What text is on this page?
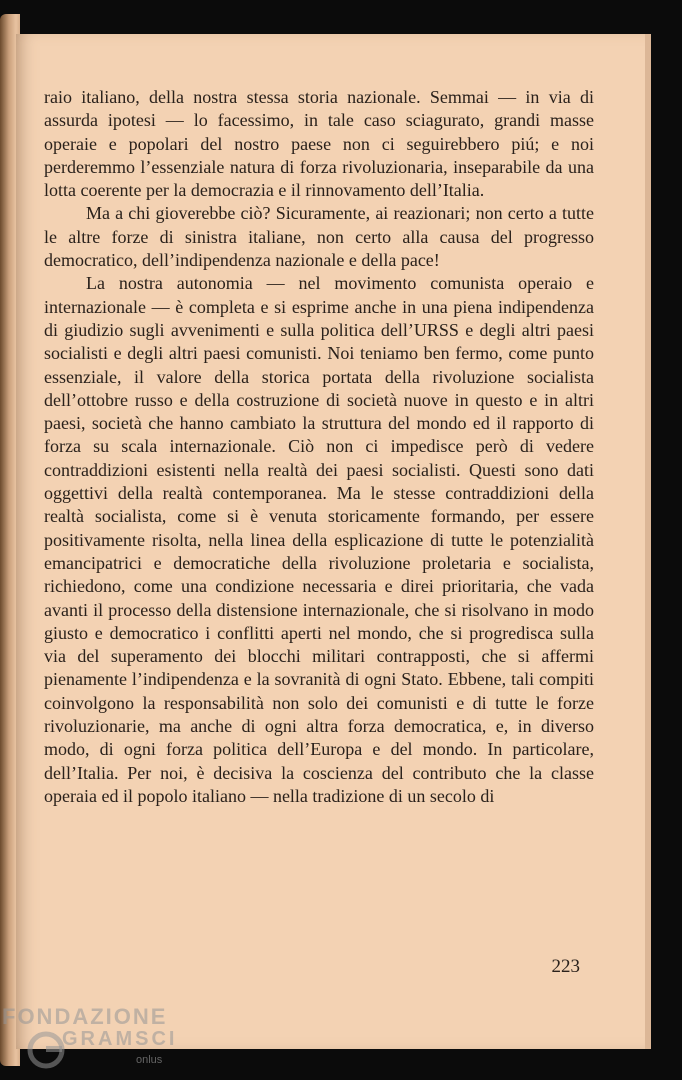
raio italiano, della nostra stessa storia nazionale. Semmai — in via di assurda ipotesi — lo facessimo, in tale caso sciagurato, grandi masse operaie e popolari del nostro paese non ci seguirebbero piú; e noi perderemmo l’essenziale natura di forza rivoluzionaria, inseparabile da una lotta coerente per la democrazia e il rinnovamento dell’Italia.

Ma a chi gioverebbe ciò? Sicuramente, ai reazionari; non certo a tutte le altre forze di sinistra italiane, non certo alla causa del progresso democratico, dell’indipendenza nazionale e della pace!

La nostra autonomia — nel movimento comunista operaio e internazionale — è completa e si esprime anche in una piena indipendenza di giudizio sugli avvenimenti e sulla politica dell’URSS e degli altri paesi socialisti e degli altri paesi comunisti. Noi teniamo ben fermo, come punto essenziale, il valore della storica portata della rivoluzione socialista dell’ottobre russo e della costruzione di società nuove in questo e in altri paesi, società che hanno cambiato la struttura del mondo ed il rapporto di forza su scala internazionale. Ciò non ci impedisce però di vedere contraddizioni esistenti nella realtà dei paesi socialisti. Questi sono dati oggettivi della realtà contemporanea. Ma le stesse contraddizioni della realtà socialista, come si è venuta storicamente formando, per essere positivamente risolta, nella linea della esplicazione di tutte le potenzialità emancipatrici e democratiche della rivoluzione proletaria e socialista, richiedono, come una condizione necessaria e direi prioritaria, che vada avanti il processo della distensione internazionale, che si risolvano in modo giusto e democratico i conflitti aperti nel mondo, che si progredisca sulla via del superamento dei blocchi militari contrapposti, che si affermi pienamente l’indipendenza e la sovranità di ogni Stato. Ebbene, tali compiti coinvolgono la responsabilità non solo dei comunisti e di tutte le forze rivoluzionarie, ma anche di ogni altra forza democratica, e, in diverso modo, di ogni forza politica dell’Europa e del mondo. In particolare, dell’Italia. Per noi, è decisiva la coscienza del contributo che la classe operaia ed il popolo italiano — nella tradizione di un secolo di

223
FONDAZIONE
GRAMSCI
onlus
